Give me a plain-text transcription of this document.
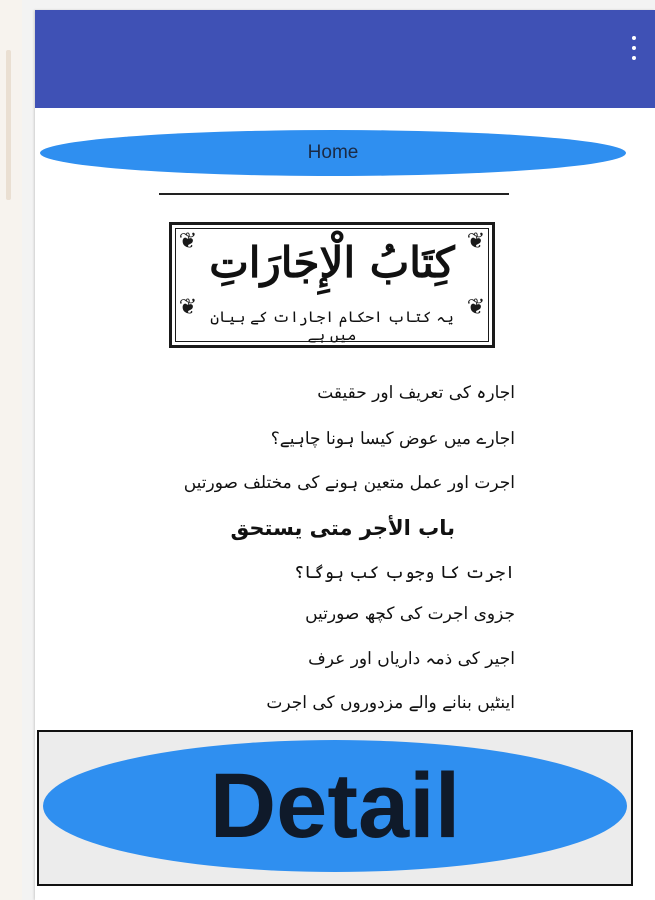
Home
❦	❦
❦	❦
كِتَابُ الْإِجَارَاتِ
یہ کتاب احکام اجارات کے بیان میں ہے
اجارہ کی تعریف اور حقیقت
اجارے میں عوض کیسا ہونا چاہیے؟
اجرت اور عمل متعین ہونے کی مختلف صورتیں
باب الأجر متى يستحق
اجرت کا وجوب کب ہوگا؟
جزوی اجرت کی کچھ صورتیں
اجیر کی ذمہ داریاں اور عرف
اینٹیں بنانے والے مزدوروں کی اجرت
Detail
